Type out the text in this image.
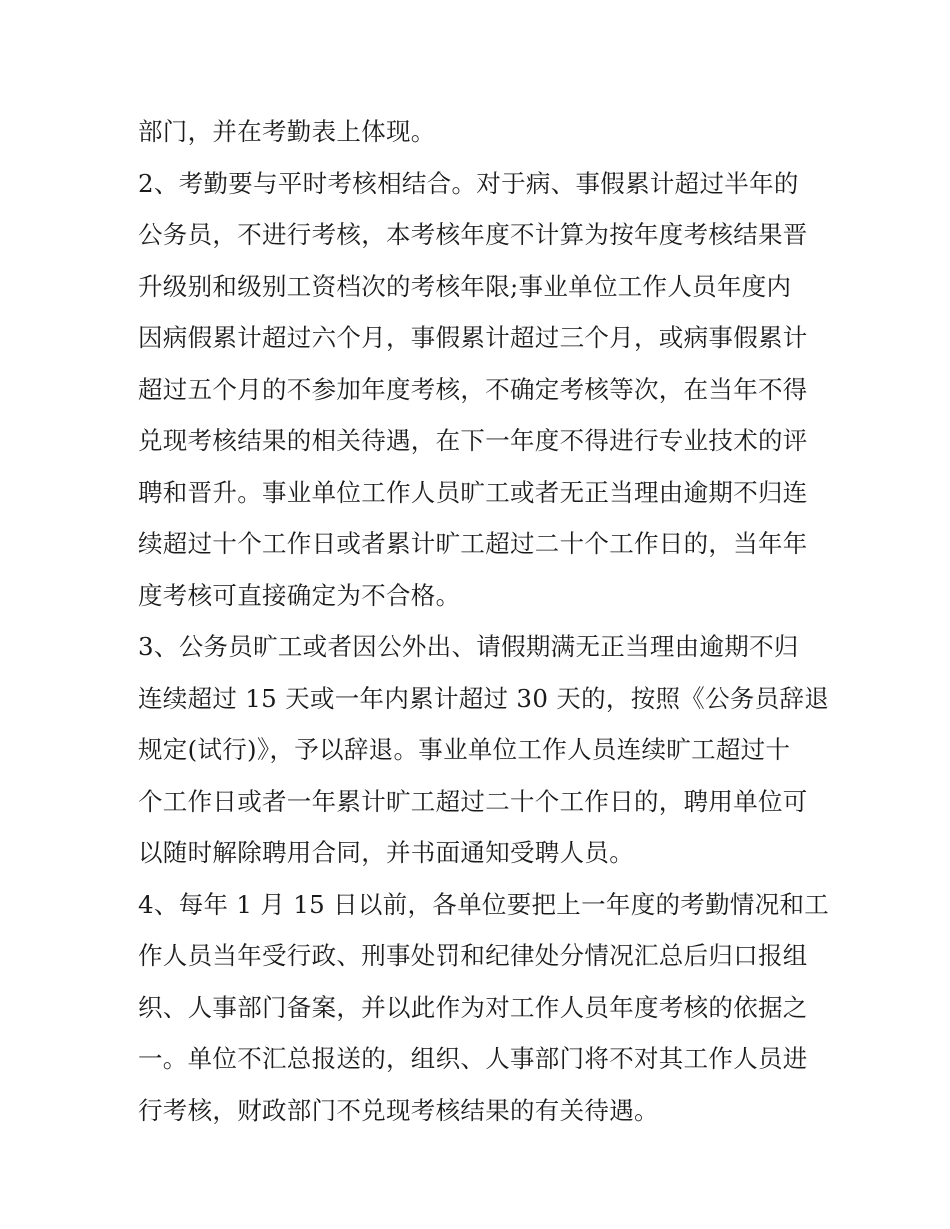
部门，并在考勤表上体现。
2、考勤要与平时考核相结合。对于病、事假累计超过半年的
公务员，不进行考核，本考核年度不计算为按年度考核结果晋
升级别和级别工资档次的考核年限;事业单位工作人员年度内
因病假累计超过六个月，事假累计超过三个月，或病事假累计
超过五个月的不参加年度考核，不确定考核等次，在当年不得
兑现考核结果的相关待遇，在下一年度不得进行专业技术的评
聘和晋升。事业单位工作人员旷工或者无正当理由逾期不归连
续超过十个工作日或者累计旷工超过二十个工作日的，当年年
度考核可直接确定为不合格。
3、公务员旷工或者因公外出、请假期满无正当理由逾期不归
连续超过 15 天或一年内累计超过 30 天的，按照《公务员辞退
规定(试行)》，予以辞退。事业单位工作人员连续旷工超过十
个工作日或者一年累计旷工超过二十个工作日的，聘用单位可
以随时解除聘用合同，并书面通知受聘人员。
4、每年 1 月 15 日以前，各单位要把上一年度的考勤情况和工
作人员当年受行政、刑事处罚和纪律处分情况汇总后归口报组
织、人事部门备案，并以此作为对工作人员年度考核的依据之
一。单位不汇总报送的，组织、人事部门将不对其工作人员进
行考核，财政部门不兑现考核结果的有关待遇。
